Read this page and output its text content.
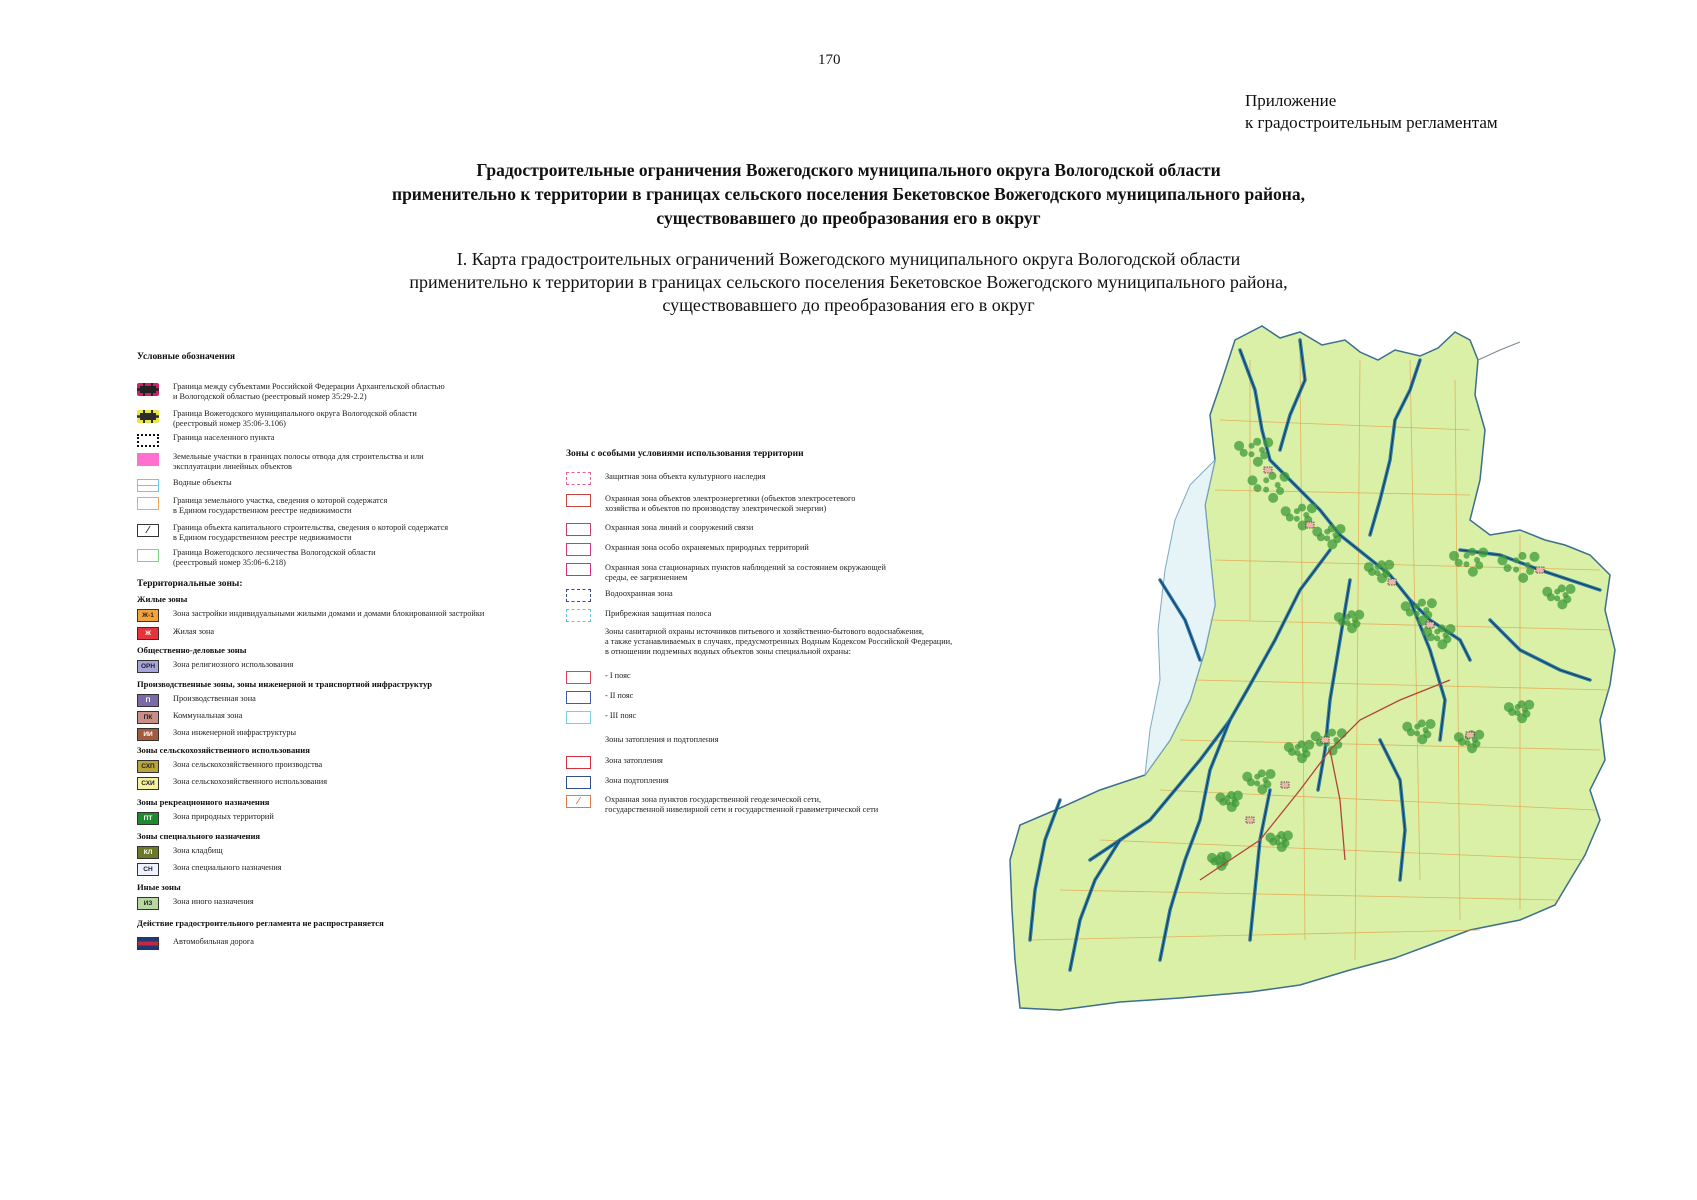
170
Приложение
к градостроительным регламентам
Градостроительные ограничения Вожегодского муниципального округа Вологодской области
применительно к территории в границах сельского поселения Бекетовское Вожегодского муниципального района,
существовавшего до преобразования его в округ
I. Карта градостроительных ограничений Вожегодского муниципального округа Вологодской области
применительно к территории в границах сельского поселения Бекетовское Вожегодского муниципального района,
существовавшего до преобразования его в округ
Условные обозначения
Граница между субъектами Российской Федерации Архангельской областью
и Вологодской областью (реестровый номер 35:29-2.2)
Граница Вожегодского муниципального округа Вологодской области
(реестровый номер 35:06-3.106)
Граница населенного пункта
Земельные участки в границах полосы отвода для строительства и или
эксплуатации линейных объектов
Водные объекты
Граница земельного участка, сведения о которой содержатся
в Едином государственном реестре недвижимости
⁄	Граница объекта капитального строительства, сведения о которой содержатся
в Едином государственном реестре недвижимости
Граница Вожегодского лесничества Вологодской области
(реестровый номер 35:06-6.218)
Территориальные зоны:
Жилые зоны
Ж-1	Зона застройки индивидуальными жилыми домами и домами блокированной застройки
Ж	Жилая зона
Общественно-деловые зоны
ОРН	Зона религиозного использования
Производственные зоны, зоны инженерной и транспортной инфраструктур
П	Производственная зона
ПК	Коммунальная зона
ИИ	Зона инженерной инфраструктуры
Зоны сельскохозяйственного использования
СХП	Зона сельскохозяйственного производства
СХИ	Зона сельскохозяйственного использования
Зоны рекреационного назначения
ПТ	Зона природных территорий
Зоны специального назначения
КЛ	Зона кладбищ
СН	Зона специального назначения
Иные зоны
ИЗ	Зона иного назначения
Действие градостроительного регламента не распространяется
Автомобильная дорога
Зоны с особыми условиями использования территории
Защитная зона объекта культурного наследия
Охранная зона объектов электроэнергетики (объектов электросетевого
хозяйства и объектов по производству электрической энергии)
Охранная зона линий и сооружений связи
Охранная зона особо охраняемых природных территорий
Охранная зона стационарных пунктов наблюдений за состоянием окружающей
среды, ее загрязнением
Водоохранная зона
Прибрежная защитная полоса
Зоны санитарной охраны источников питьевого и хозяйственно-бытового водоснабжения,
а также устанавливаемых в случаях, предусмотренных Водным Кодексом Российской Федерации,
в отношении подземных водных объектов зоны специальной охраны:
- I пояс
- II пояс
- III пояс
Зоны затопления и подтопления
Зона затопления
Зона подтопления
⁄	Охранная зона пунктов государственной геодезической сети,
государственной нивелирной сети и государственной гравиметрической сети
